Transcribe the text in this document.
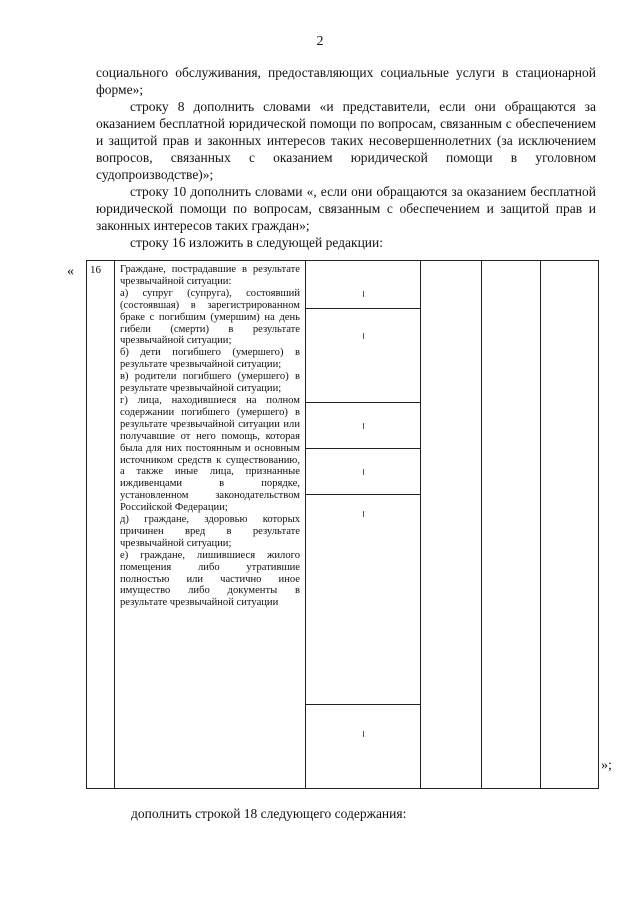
2

социального обслуживания, предоставляющих социальные услуги в стационарной форме»;

строку 8 дополнить словами «и представители, если они обращаются за оказанием бесплатной юридической помощи по вопросам, связанным с обеспечением и защитой прав и законных интересов таких несовершеннолетних (за исключением вопросов, связанных с оказанием юридической помощи в уголовном судопроизводстве)»;

строку 10 дополнить словами «, если они обращаются за оказанием бесплатной юридической помощи по вопросам, связанным с обеспечением и защитой прав и законных интересов таких граждан»;

строку 16 изложить в следующей редакции:

« 16	Граждане, пострадавшие в результате чрезвычайной ситуации:

а) супруг (супруга), состоявший (состоявшая) в зарегистрированном браке с погибшим (умершим) на день гибели (смерти) в результате чрезвычайной ситуации;

б) дети погибшего (умершего) в результате чрезвычайной ситуации;

в) родители погибшего (умершего) в результате чрезвычайной ситуации;

г) лица, находившиеся на полном содержании погибшего (умершего) в результате чрезвычайной ситуации или получавшие от него помощь, которая была для них постоянным и основным источником средств к существованию, а также иные лица, признанные иждивенцами в порядке, установленном законодательством Российской Федерации;

д) граждане, здоровью которых причинен вред в результате чрезвычайной ситуации;

е) граждане, лишившиеся жилого помещения либо утратившие полностью или частично иное имущество либо документы в результате чрезвычайной ситуации

»;
дополнить строкой 18 следующего содержания:
